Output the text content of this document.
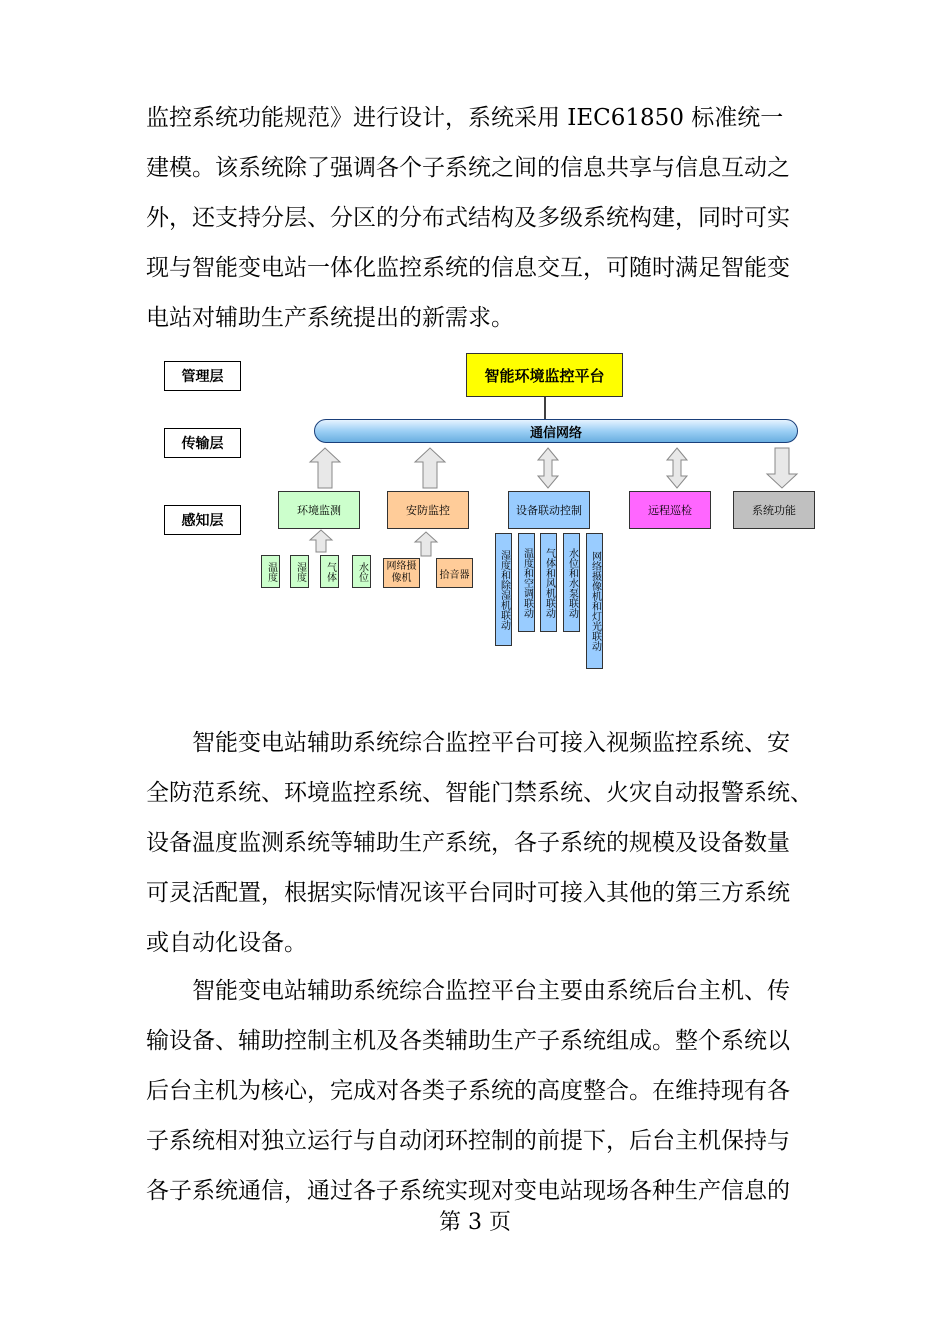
监控系统功能规范》进行设计，系统采用 IEC61850 标准统一
建模。该系统除了强调各个子系统之间的信息共享与信息互动之
外，还支持分层、分区的分布式结构及多级系统构建，同时可实
现与智能变电站一体化监控系统的信息交互，可随时满足智能变
电站对辅助生产系统提出的新需求。
管理层
传输层
感知层
智能环境监控平台
通信网络
环境监测	安防监控	设备联动控制	远程巡检	系统功能
温度	湿度	气体	水位	网络摄像机	拾音器	湿度和除湿机联动	温度和空调联动	气体和风机联动	水位和水泵联动	网络摄像机和灯光联动
智能变电站辅助系统综合监控平台可接入视频监控系统、安
全防范系统、环境监控系统、智能门禁系统、火灾自动报警系统、
设备温度监测系统等辅助生产系统，各子系统的规模及设备数量
可灵活配置，根据实际情况该平台同时可接入其他的第三方系统
或自动化设备。
智能变电站辅助系统综合监控平台主要由系统后台主机、传
输设备、辅助控制主机及各类辅助生产子系统组成。整个系统以
后台主机为核心，完成对各类子系统的高度整合。在维持现有各
子系统相对独立运行与自动闭环控制的前提下，后台主机保持与
各子系统通信，通过各子系统实现对变电站现场各种生产信息的
第 3 页
